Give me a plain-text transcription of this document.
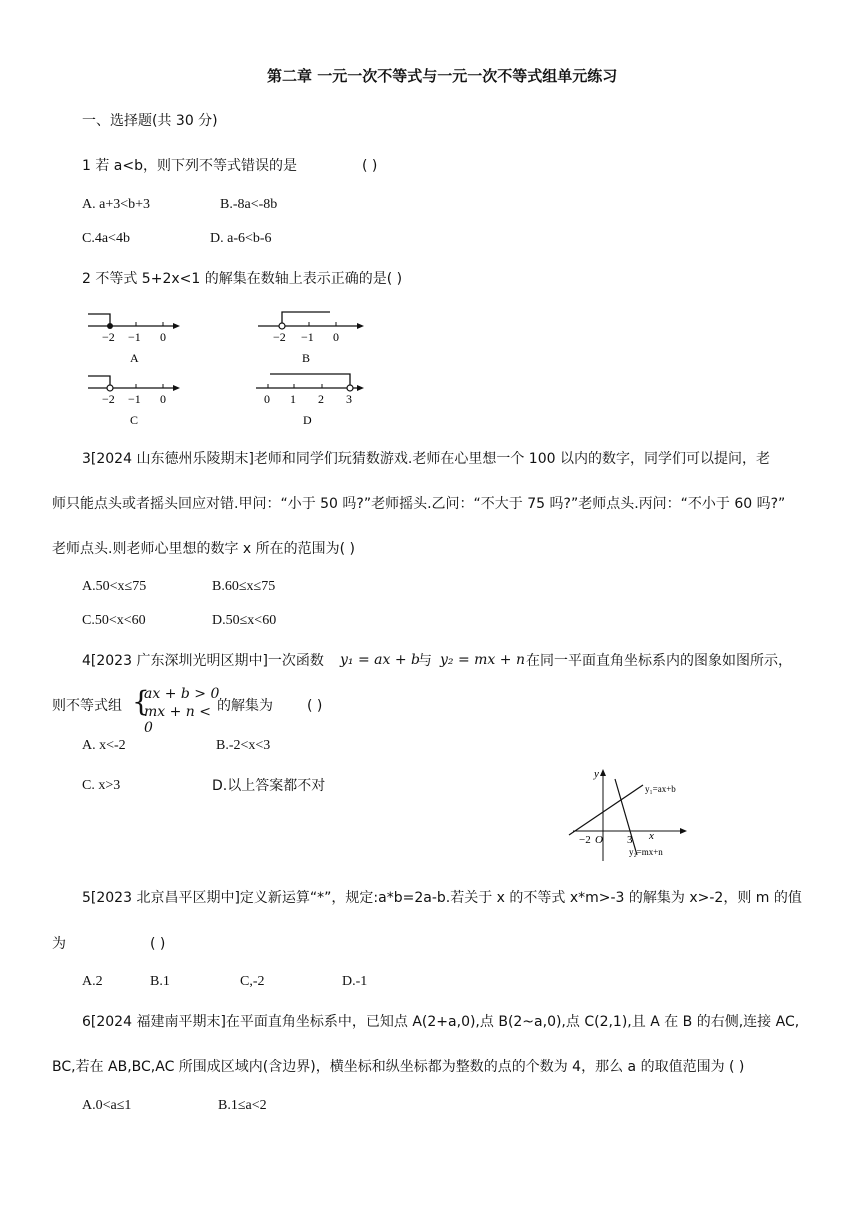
第二章 一元一次不等式与一元一次不等式组单元练习
一、选择题(共 30 分)
1 若 a<b，则下列不等式错误的是	( )
A. a+3<b+3	B.-8a<-8b
C.4a<4b	D. a-6<b-6
2 不等式 5+2x<1 的解集在数轴上表示正确的是( )
−2 −1 0
A
−2 −1 0
B
−2 −1 0
C
0 1 2 3
D
3[2024 山东德州乐陵期末]老师和同学们玩猜数游戏.老师在心里想一个 100 以内的数字，同学们可以提问，老
师只能点头或者摇头回应对错.甲问：“小于 50 吗?”老师摇头.乙问：“不大于 75 吗?”老师点头.丙问：“不小于 60 吗?”
老师点头.则老师心里想的数字 x 所在的范围为( )
A.50<x≤75	B.60≤x≤75
C.50<x<60	D.50≤x<60
4[2023 广东深圳光明区期中]一次函数 y₁ = ax + b
与 y₂ = mx + n 在同一平面直角坐标系内的图象如图所示，
则不等式组 {
ax + b > 0
mx + n < 0
的解集为 ( )
A. x<-2	B.-2<x<3
C. x>3	D.以上答案都不对
y
x
−2 O 3
y₁=ax+b
y₂=mx+n
5[2023 北京昌平区期中]定义新运算“*”，规定:a*b=2a-b.若关于 x 的不等式 x*m>-3 的解集为 x>-2，则 m 的值
为	( )
A.2	B.1	C,-2	D.-1
6[2024 福建南平期末]在平面直角坐标系中，已知点 A(2+a,0),点 B(2~a,0),点 C(2,1),且 A 在 B 的右侧,连接 AC,
BC,若在 AB,BC,AC 所围成区域内(含边界)，横坐标和纵坐标都为整数的点的个数为 4，那么 a 的取值范围为 ( )
A.0<a≤1	B.1≤a<2
